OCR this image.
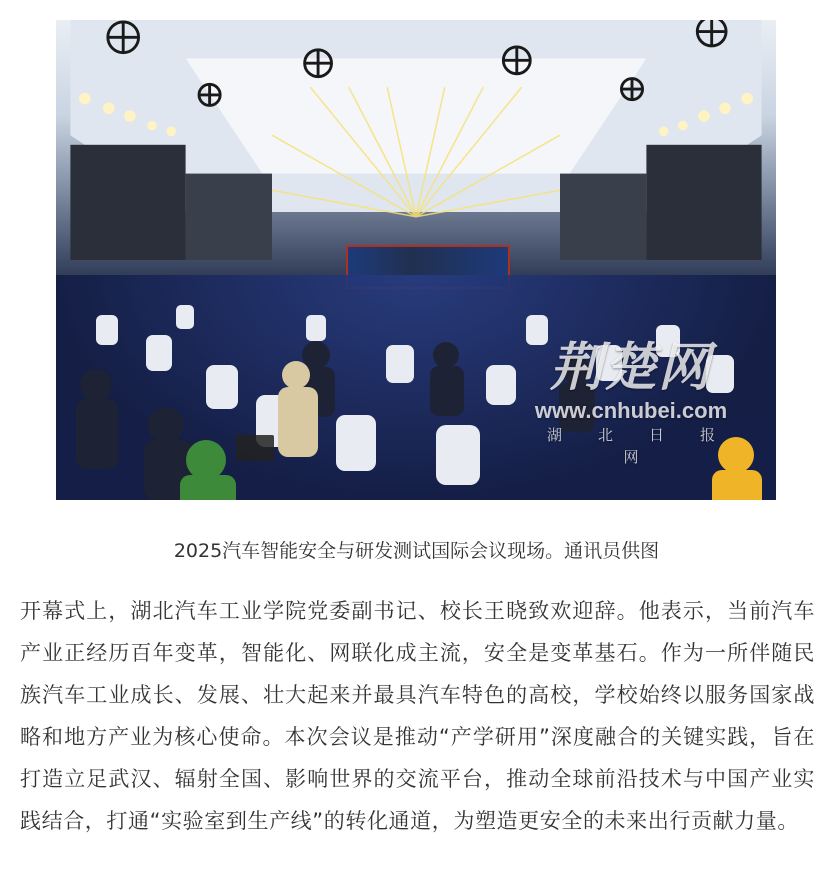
荆楚网
www.cnhubei.com
湖北日报网
2025汽车智能安全与研发测试国际会议现场。通讯员供图

开幕式上，湖北汽车工业学院党委副书记、校长王晓致欢迎辞。他表示，当前汽车产业正经历百年变革，智能化、网联化成主流，安全是变革基石。作为一所伴随民族汽车工业成长、发展、壮大起来并最具汽车特色的高校，学校始终以服务国家战略和地方产业为核心使命。本次会议是推动“产学研用”深度融合的关键实践，旨在打造立足武汉、辐射全国、影响世界的交流平台，推动全球前沿技术与中国产业实践结合，打通“实验室到生产线”的转化通道，为塑造更安全的未来出行贡献力量。
